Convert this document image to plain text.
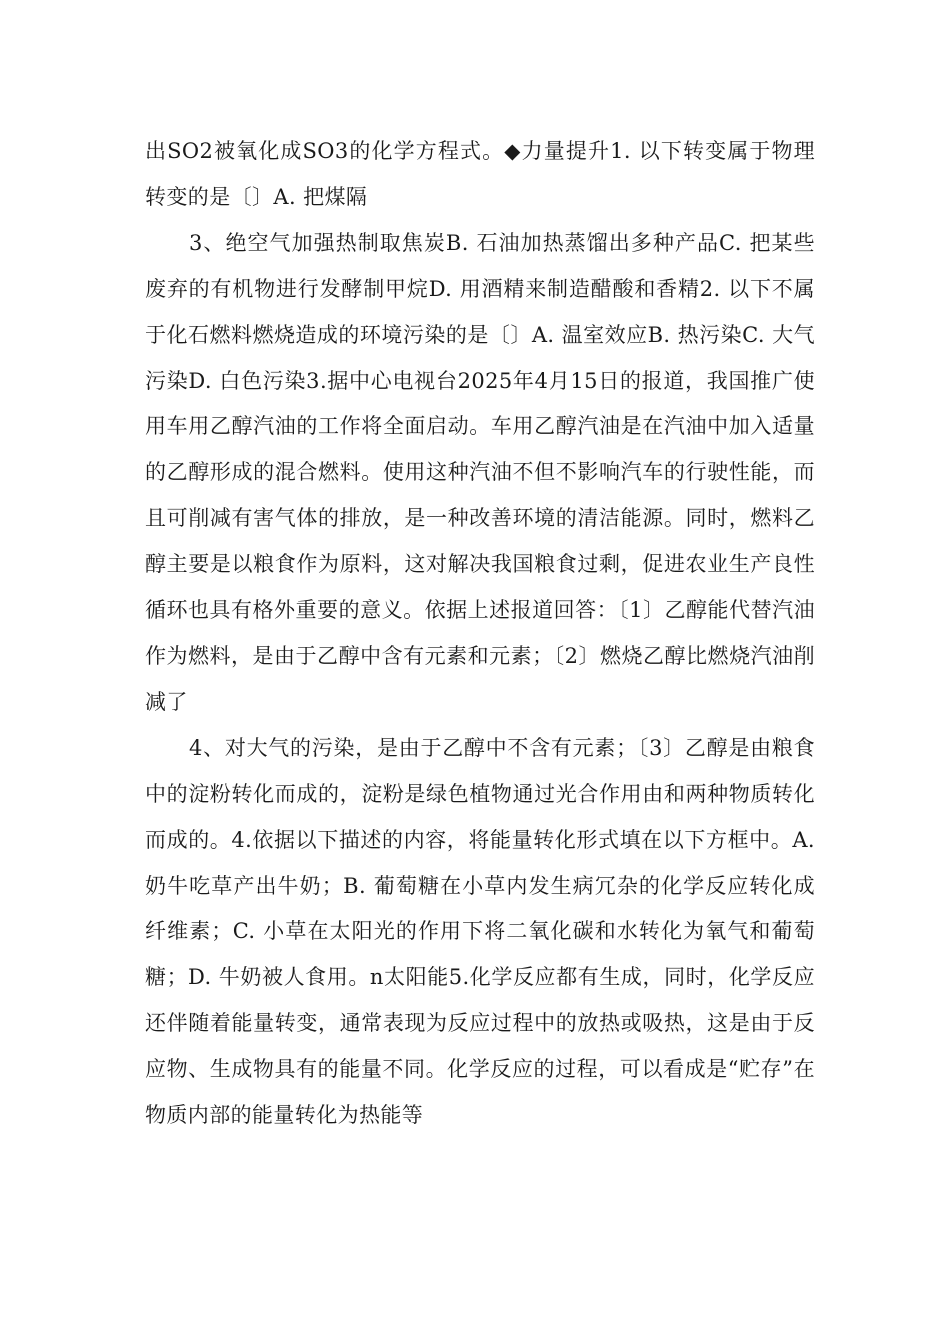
出SO2被氧化成SO3的化学方程式。◆力量提升1. 以下转变属于物理转变的是〔〕A. 把煤隔

3、绝空气加强热制取焦炭B. 石油加热蒸馏出多种产品C. 把某些废弃的有机物进行发酵制甲烷D. 用酒精来制造醋酸和香精2. 以下不属于化石燃料燃烧造成的环境污染的是〔〕A. 温室效应B. 热污染C. 大气污染D. 白色污染3.据中心电视台2025年4月15日的报道，我国推广使用车用乙醇汽油的工作将全面启动。车用乙醇汽油是在汽油中加入适量的乙醇形成的混合燃料。使用这种汽油不但不影响汽车的行驶性能，而且可削减有害气体的排放，是一种改善环境的清洁能源。同时，燃料乙醇主要是以粮食作为原料，这对解决我国粮食过剩，促进农业生产良性循环也具有格外重要的意义。依据上述报道回答：〔1〕乙醇能代替汽油作为燃料，是由于乙醇中含有元素和元素；〔2〕燃烧乙醇比燃烧汽油削减了

4、对大气的污染，是由于乙醇中不含有元素；〔3〕乙醇是由粮食中的淀粉转化而成的，淀粉是绿色植物通过光合作用由和两种物质转化而成的。4.依据以下描述的内容，将能量转化形式填在以下方框中。A. 奶牛吃草产出牛奶；B. 葡萄糖在小草内发生病冗杂的化学反应转化成纤维素；C. 小草在太阳光的作用下将二氧化碳和水转化为氧气和葡萄糖；D. 牛奶被人食用。n太阳能5.化学反应都有生成，同时，化学反应还伴随着能量转变，通常表现为反应过程中的放热或吸热，这是由于反应物、生成物具有的能量不同。化学反应的过程，可以看成是“贮存”在物质内部的能量转化为热能等
